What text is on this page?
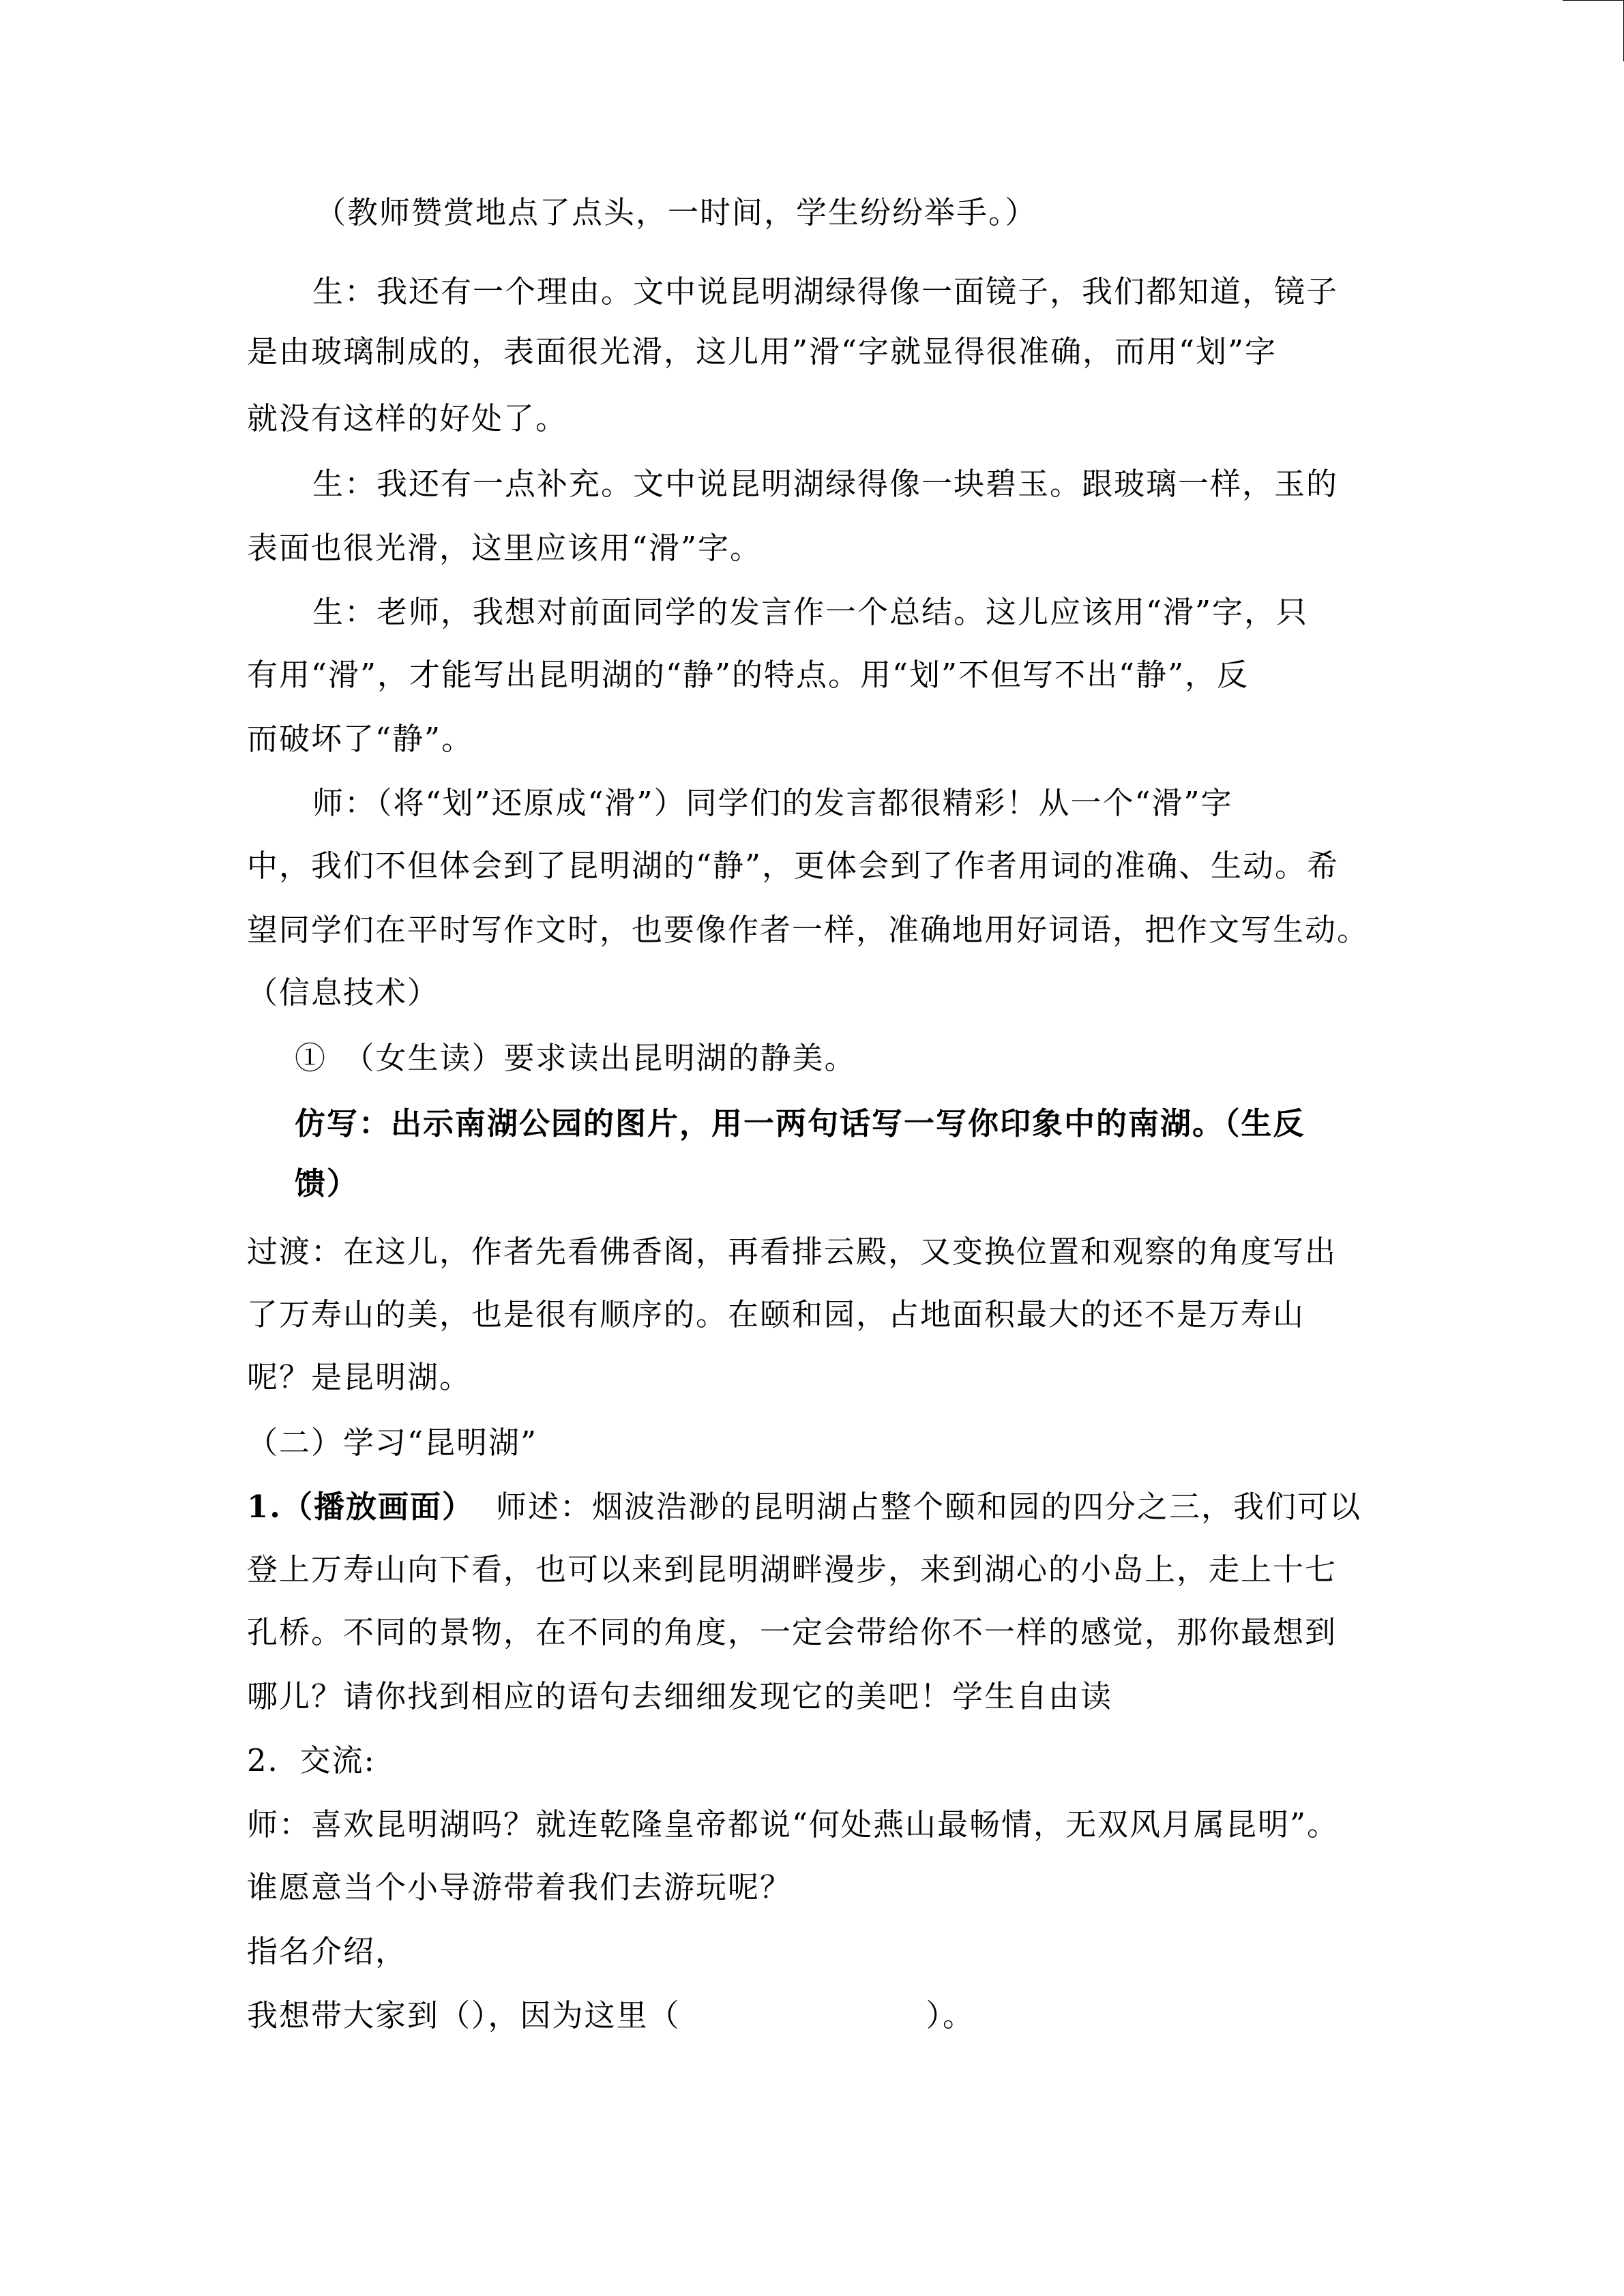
（教师赞赏地点了点头，一时间，学生纷纷举手。）
生：我还有一个理由。文中说昆明湖绿得像一面镜子，我们都知道，镜子
是由玻璃制成的，表面很光滑，这儿用”滑“字就显得很准确，而用“划”字
就没有这样的好处了。
生：我还有一点补充。文中说昆明湖绿得像一块碧玉。跟玻璃一样，玉的
表面也很光滑，这里应该用“滑”字。
生：老师，我想对前面同学的发言作一个总结。这儿应该用“滑”字，只
有用“滑”，才能写出昆明湖的“静”的特点。用“划”不但写不出“静”，反
而破坏了“静”。
师：（将“划”还原成“滑”）同学们的发言都很精彩！从一个“滑”字
中，我们不但体会到了昆明湖的“静”，更体会到了作者用词的准确、生动。希
望同学们在平时写作文时，也要像作者一样，准确地用好词语，把作文写生动。
（信息技术）
①　（女生读）要求读出昆明湖的静美。
仿写：出示南湖公园的图片，用一两句话写一写你印象中的南湖。（生反
馈）
过渡：在这儿，作者先看佛香阁，再看排云殿，又变换位置和观察的角度写出
了万寿山的美，也是很有顺序的。在颐和园，占地面积最大的还不是万寿山
呢？是昆明湖。
（二）学习“昆明湖”
1.（播放画面）
　师述：烟波浩渺的昆明湖占整个颐和园的四分之三，我们可以
登上万寿山向下看，也可以来到昆明湖畔漫步，来到湖心的小岛上，走上十七
孔桥。不同的景物，在不同的角度，一定会带给你不一样的感觉，那你最想到
哪儿？请你找到相应的语句去细细发现它的美吧！学生自由读
2．交流:
师：喜欢昆明湖吗？就连乾隆皇帝都说“何处燕山最畅情，无双风月属昆明”。
谁愿意当个小导游带着我们去游玩呢？
指名介绍，
我想带大家到（），因为这里（	）。
